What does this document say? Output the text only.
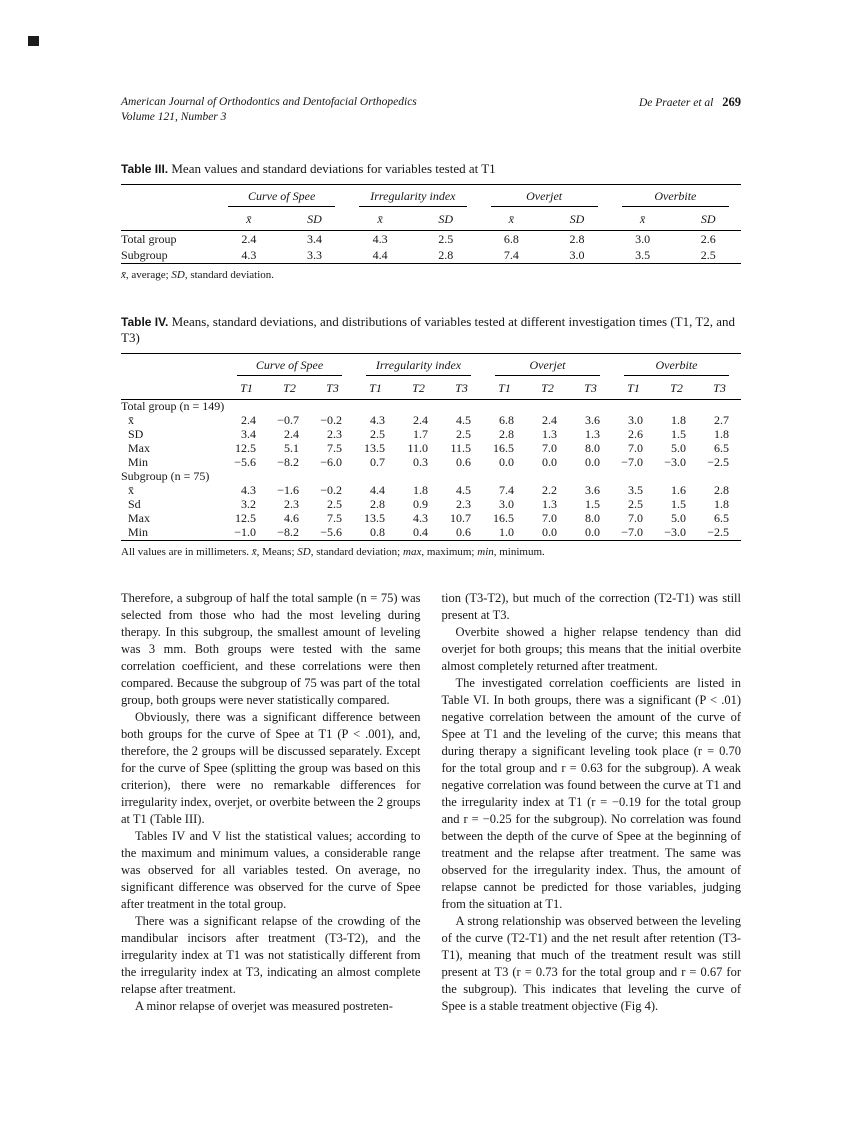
American Journal of Orthodontics and Dentofacial Orthopedics
Volume 121, Number 3
De Praeter et al 269

Table III. Mean values and standard deviations for variables tested at T1

	Curve of Spee		Irregularity index		Overjet		Overbite	

	x̄	SD	x̄	SD	x̄	SD	x̄	SD
Total group	2.4	3.4	4.3	2.5	6.8	2.8	3.0	2.6
Subgroup	4.3	3.3	4.4	2.8	7.4	3.0	3.5	2.5

x̄, average; SD, standard deviation.

Table IV. Means, standard deviations, and distributions of variables tested at different investigation times (T1, T2, and T3)

	Curve of Spee			Irregularity index			Overjet			Overbite		

	T1	T2	T3	T1	T2	T3	T1	T2	T3	T1	T2	T3
Total group (n = 149)												
x̄	2.4	−0.7	−0.2	4.3	2.4	4.5	6.8	2.4	3.6	3.0	1.8	2.7
SD	3.4	2.4	2.3	2.5	1.7	2.5	2.8	1.3	1.3	2.6	1.5	1.8
Max	12.5	5.1	7.5	13.5	11.0	11.5	16.5	7.0	8.0	7.0	5.0	6.5
Min	−5.6	−8.2	−6.0	0.7	0.3	0.6	0.0	0.0	0.0	−7.0	−3.0	−2.5
Subgroup (n = 75)												
x̄	4.3	−1.6	−0.2	4.4	1.8	4.5	7.4	2.2	3.6	3.5	1.6	2.8
Sd	3.2	2.3	2.5	2.8	0.9	2.3	3.0	1.3	1.5	2.5	1.5	1.8
Max	12.5	4.6	7.5	13.5	4.3	10.7	16.5	7.0	8.0	7.0	5.0	6.5
Min	−1.0	−8.2	−5.6	0.8	0.4	0.6	1.0	0.0	0.0	−7.0	−3.0	−2.5

All values are in millimeters. x̄, Means; SD, standard deviation; max, maximum; min, minimum.

Therefore, a subgroup of half the total sample (n = 75) was selected from those who had the most leveling during therapy. In this subgroup, the smallest amount of leveling was 3 mm. Both groups were tested with the same correlation coefficient, and these correlations were then compared. Because the subgroup of 75 was part of the total group, both groups were never statistically compared.

Obviously, there was a significant difference between both groups for the curve of Spee at T1 (P < .001), and, therefore, the 2 groups will be discussed separately. Except for the curve of Spee (splitting the group was based on this criterion), there were no remarkable differences for irregularity index, overjet, or overbite between the 2 groups at T1 (Table III).

Tables IV and V list the statistical values; according to the maximum and minimum values, a considerable range was observed for all variables tested. On average, no significant difference was observed for the curve of Spee after treatment in the total group.

There was a significant relapse of the crowding of the mandibular incisors after treatment (T3-T2), and the irregularity index at T1 was not statistically different from the irregularity index at T3, indicating an almost complete relapse after treatment.

A minor relapse of overjet was measured postreten-

tion (T3-T2), but much of the correction (T2-T1) was still present at T3.

Overbite showed a higher relapse tendency than did overjet for both groups; this means that the initial overbite almost completely returned after treatment.

The investigated correlation coefficients are listed in Table VI. In both groups, there was a significant (P < .01) negative correlation between the amount of the curve of Spee at T1 and the leveling of the curve; this means that during therapy a significant leveling took place (r = 0.70 for the total group and r = 0.63 for the subgroup). A weak negative correlation was found between the curve at T1 and the irregularity index at T1 (r = −0.19 for the total group and r = −0.25 for the subgroup). No correlation was found between the depth of the curve of Spee at the beginning of treatment and the relapse after treatment. The same was observed for the irregularity index. Thus, the amount of relapse cannot be predicted for those variables, judging from the situation at T1.

A strong relationship was observed between the leveling of the curve (T2-T1) and the net result after retention (T3-T1), meaning that much of the treatment result was still present at T3 (r = 0.73 for the total group and r = 0.67 for the subgroup). This indicates that leveling the curve of Spee is a stable treatment objective (Fig 4).
